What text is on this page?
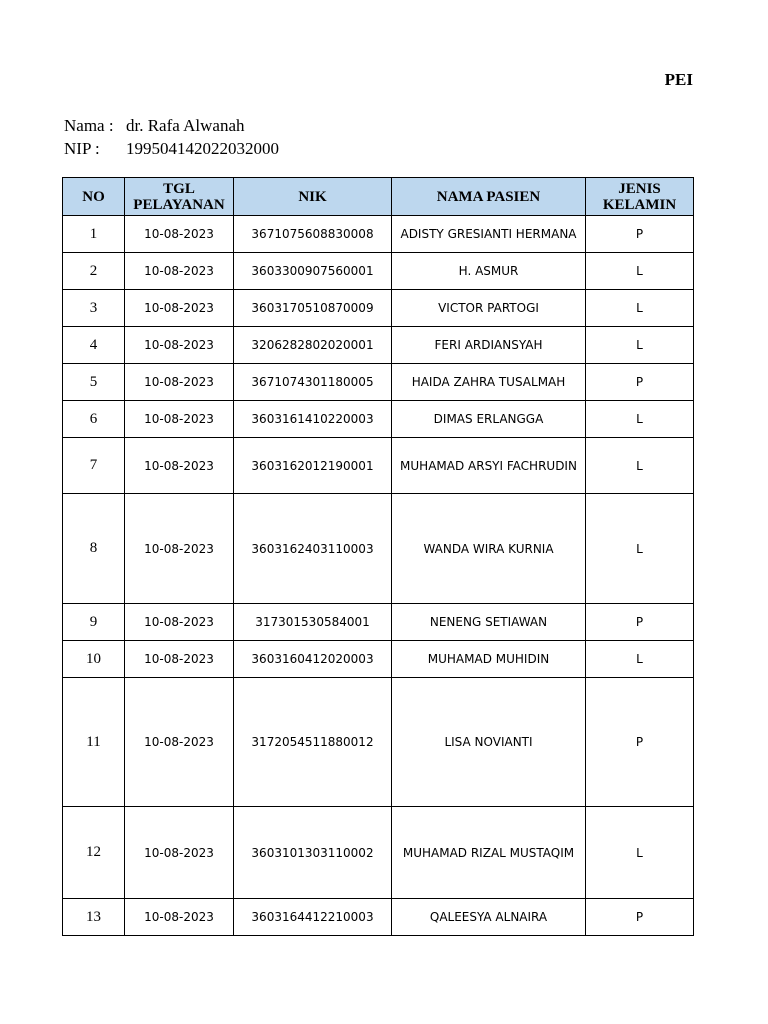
PEI
Nama : dr. Rafa Alwanah
NIP :	199504142022032000
NO	TGL PELAYANAN	NIK	NAMA PASIEN	JENIS KELAMIN
1	10-08-2023	3671075608830008	ADISTY GRESIANTI HERMANA	P
2	10-08-2023	3603300907560001	H. ASMUR	L
3	10-08-2023	3603170510870009	VICTOR PARTOGI	L
4	10-08-2023	3206282802020001	FERI ARDIANSYAH	L
5	10-08-2023	3671074301180005	HAIDA ZAHRA TUSALMAH	P
6	10-08-2023	3603161410220003	DIMAS ERLANGGA	L
7	10-08-2023	3603162012190001	MUHAMAD ARSYI FACHRUDIN	L
8	10-08-2023	3603162403110003	WANDA WIRA KURNIA	L
9	10-08-2023	317301530584001	NENENG SETIAWAN	P
10	10-08-2023	3603160412020003	MUHAMAD MUHIDIN	L
11	10-08-2023	3172054511880012	LISA NOVIANTI	P
12	10-08-2023	3603101303110002	MUHAMAD RIZAL MUSTAQIM	L
13	10-08-2023	3603164412210003	QALEESYA ALNAIRA	P
